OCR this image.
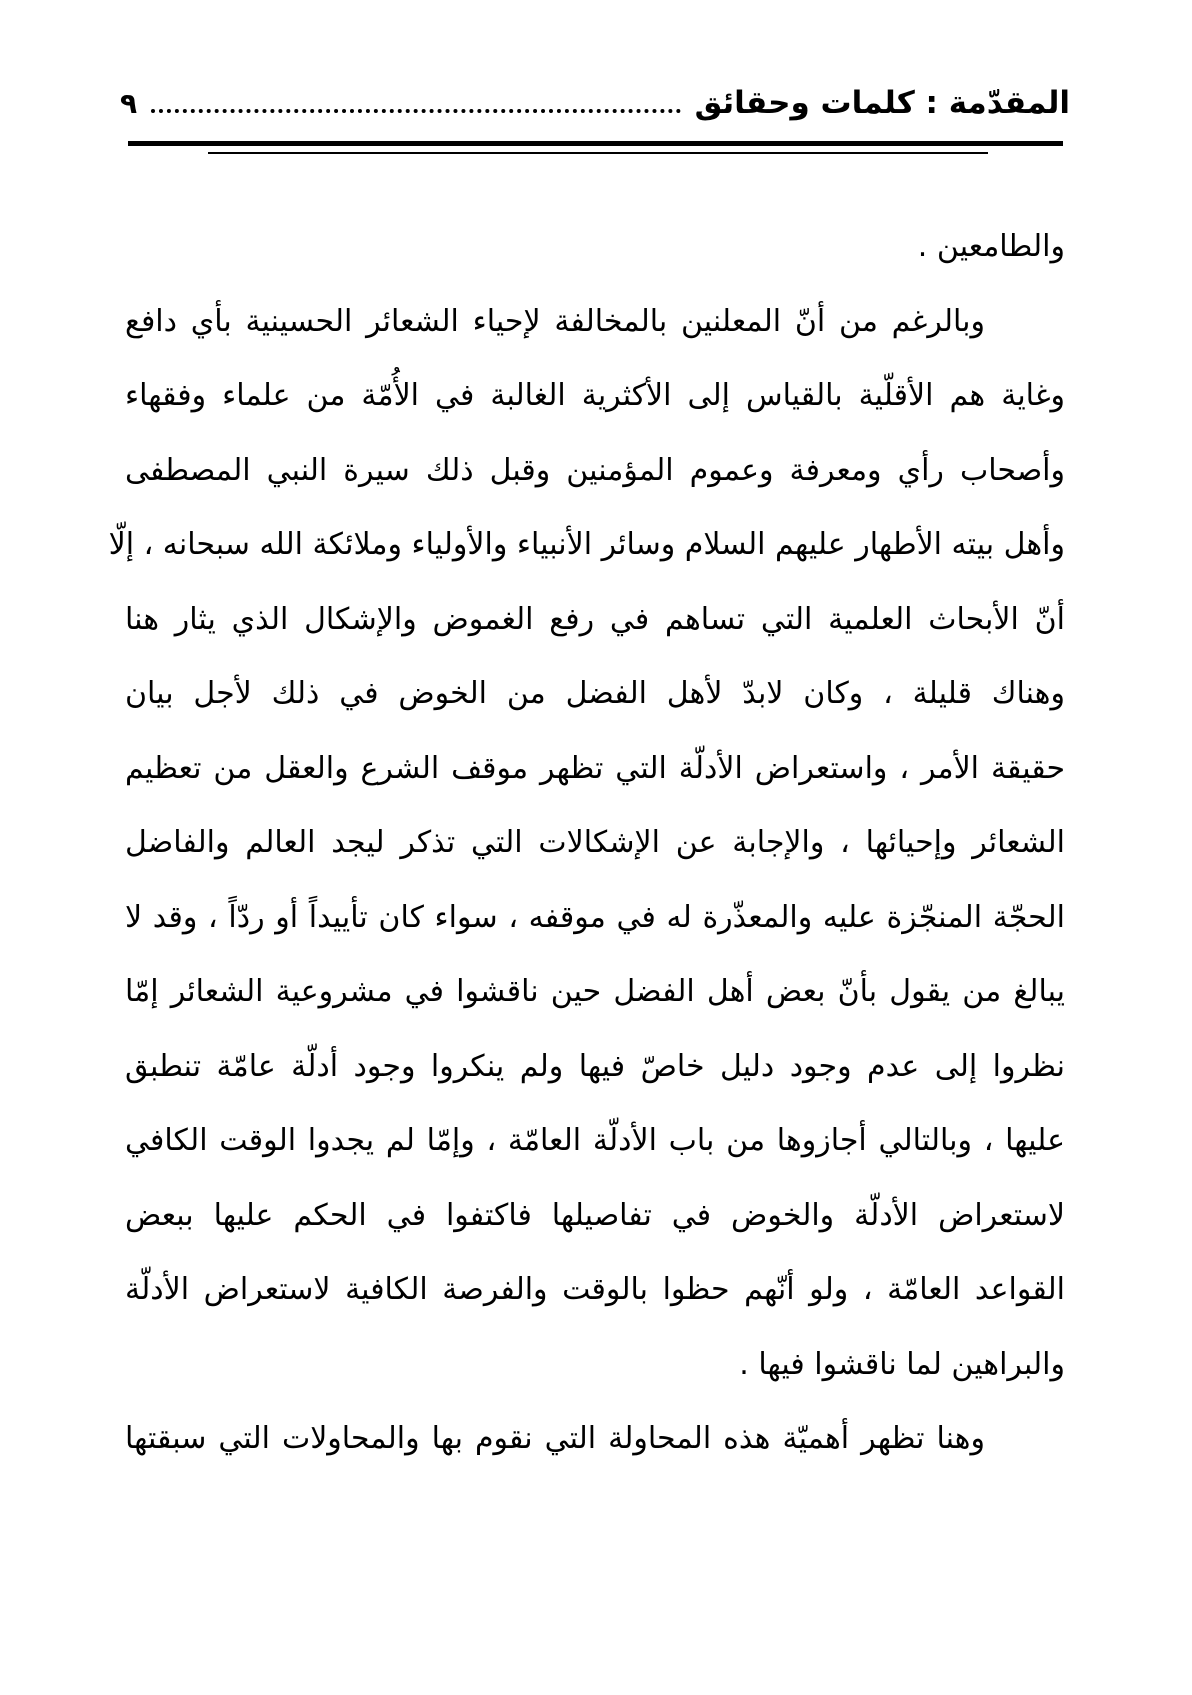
المقدّمة : كلمات وحقائق
٩
والطامعين .
وبالرغم من أنّ المعلنين بالمخالفة لإحياء الشعائر الحسينية بأي دافع
وغاية هم الأقلّية بالقياس إلى الأكثرية الغالبة في الأُمّة من علماء وفقهاء
وأصحاب رأي ومعرفة وعموم المؤمنين وقبل ذلك سيرة النبي المصطفى
وأهل بيته الأطهار عليهم السلام وسائر الأنبياء والأولياء وملائكة الله سبحانه ، إلّا
أنّ الأبحاث العلمية التي تساهم في رفع الغموض والإشكال الذي يثار هنا
وهناك قليلة ، وكان لابدّ لأهل الفضل من الخوض في ذلك لأجل بيان
حقيقة الأمر ، واستعراض الأدلّة التي تظهر موقف الشرع والعقل من تعظيم
الشعائر وإحيائها ، والإجابة عن الإشكالات التي تذكر ليجد العالم والفاضل
الحجّة المنجّزة عليه والمعذّرة له في موقفه ، سواء كان تأييداً أو ردّاً ، وقد لا
يبالغ من يقول بأنّ بعض أهل الفضل حين ناقشوا في مشروعية الشعائر إمّا
نظروا إلى عدم وجود دليل خاصّ فيها ولم ينكروا وجود أدلّة عامّة تنطبق
عليها ، وبالتالي أجازوها من باب الأدلّة العامّة ، وإمّا لم يجدوا الوقت الكافي
لاستعراض الأدلّة والخوض في تفاصيلها فاكتفوا في الحكم عليها ببعض
القواعد العامّة ، ولو أنّهم حظوا بالوقت والفرصة الكافية لاستعراض الأدلّة
والبراهين لما ناقشوا فيها .
وهنا تظهر أهميّة هذه المحاولة التي نقوم بها والمحاولات التي سبقتها
